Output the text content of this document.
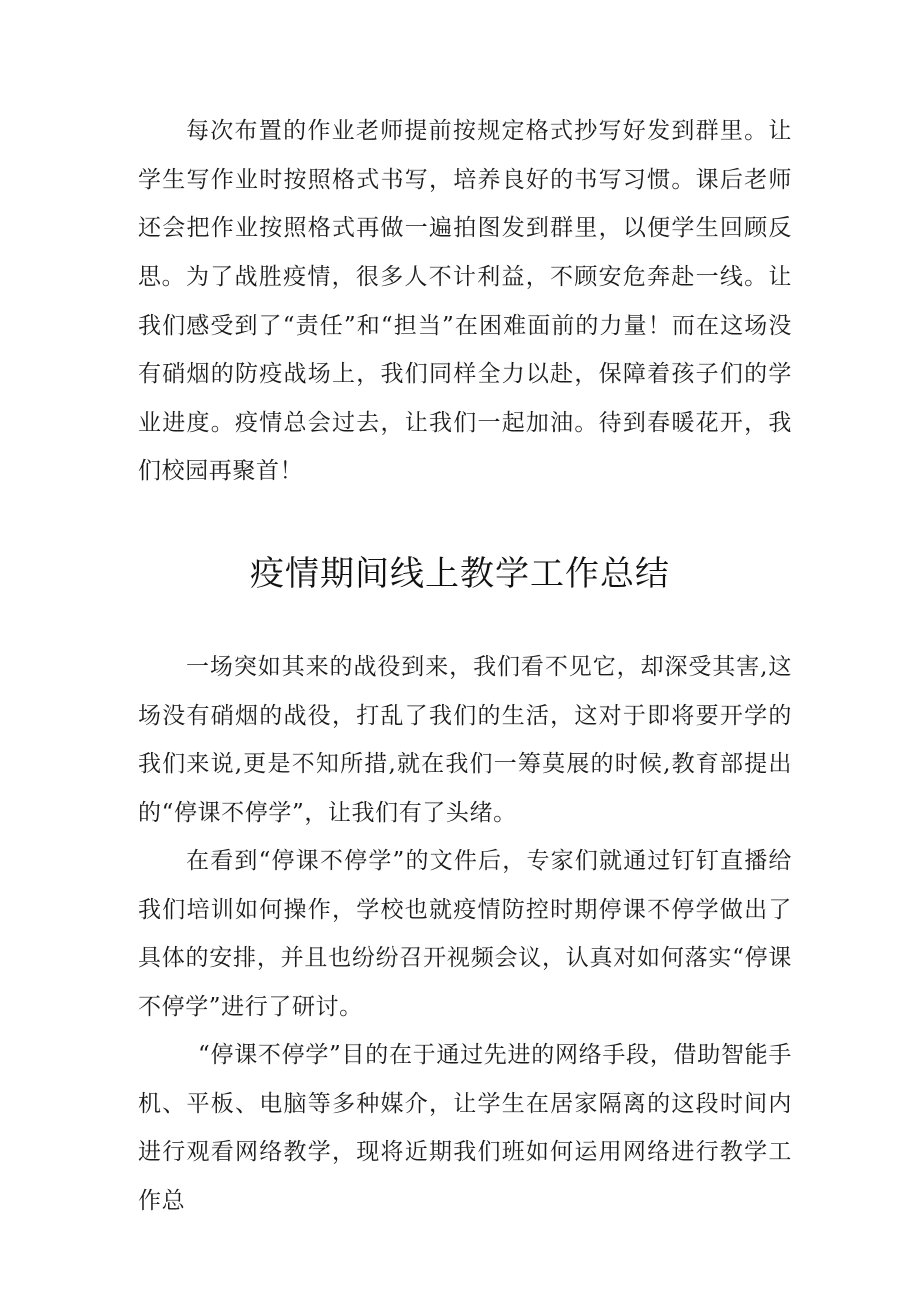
每次布置的作业老师提前按规定格式抄写好发到群里。让学生写作业时按照格式书写，培养良好的书写习惯。课后老师还会把作业按照格式再做一遍拍图发到群里，以便学生回顾反思。 为了战胜疫情，很多人不计利益，不顾安危奔赴一线。让我们感受到了“责任”和“担当”在困难面前的力量！而在这场没有硝烟的防疫战场上，我们同样全力以赴，保障着孩子们的学业进度。疫情总会过去，让我们一起加油。待到春暖花开，我们校园再聚首！

疫情期间线上教学工作总结

一场突如其来的战役到来，我们看不见它，却深受其害,这场没有硝烟的战役，打乱了我们的生活，这对于即将要开学的我们来说,更是不知所措,就在我们一筹莫展的时候,教育部提出的“停课不停学”，让我们有了头绪。

在看到“停课不停学”的文件后，专家们就通过钉钉直播给我们培训如何操作，学校也就疫情防控时期停课不停学做出了具体的安排，并且也纷纷召开视频会议，认真对如何落实“停课不停学”进行了研讨。

“停课不停学”目的在于通过先进的网络手段，借助智能手机、平板、电脑等多种媒介，让学生在居家隔离的这段时间内进行观看网络教学，现将近期我们班如何运用网络进行教学工作总
